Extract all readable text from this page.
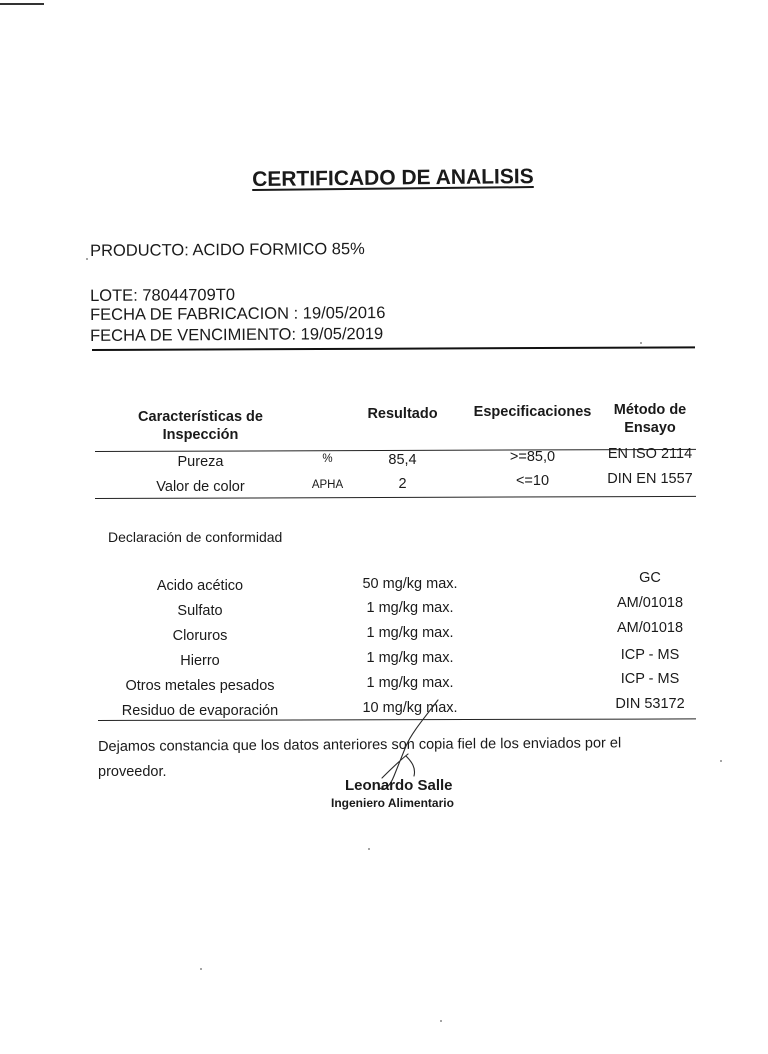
CERTIFICADO DE ANALISIS
PRODUCTO: ACIDO FORMICO 85%
LOTE: 78044709T0
FECHA DE FABRICACION : 19/05/2016
FECHA DE VENCIMIENTO: 19/05/2019
Características de
Inspección
Resultado	Especificaciones	Método de
Ensayo
Pureza	%	85,4	>=85,0	EN ISO 2114
Valor de color	APHA	2	<=10	DIN EN 1557
Declaración de conformidad
Acido acético	50 mg/kg max.	GC
Sulfato	1 mg/kg max.	AM/01018
Cloruros	1 mg/kg max.	AM/01018
Hierro	1 mg/kg max.	ICP - MS
Otros metales pesados	1 mg/kg max.	ICP - MS
Residuo de evaporación	10 mg/kg max.	DIN 53172
Dejamos constancia que los datos anteriores son copia fiel de los enviados por el
proveedor.
Leonardo Salle
Ingeniero Alimentario
